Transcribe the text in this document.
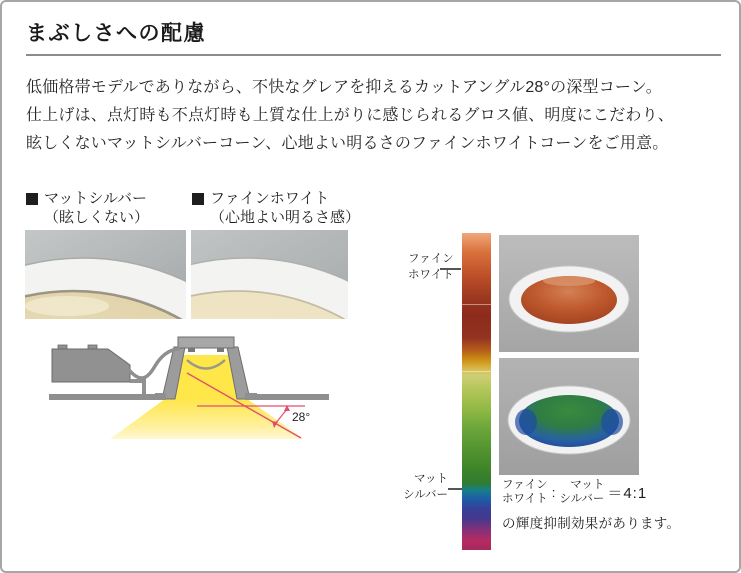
まぶしさへの配慮
低価格帯モデルでありながら、不快なグレアを抑えるカットアングル28°の深型コーン。
仕上げは、点灯時も不点灯時も上質な仕上がりに感じられるグロス値、明度にこだわり、
眩しくないマットシルバーコーン、心地よい明るさのファインホワイトコーンをご用意。
マットシルバー
（眩しくない）
ファインホワイト
（心地よい明るさ感）
28°
ファイン
ホワイト
マット
シルバー
ファイン
ホワイト :	マット
シルバー ＝4:1
の輝度抑制効果があります。
